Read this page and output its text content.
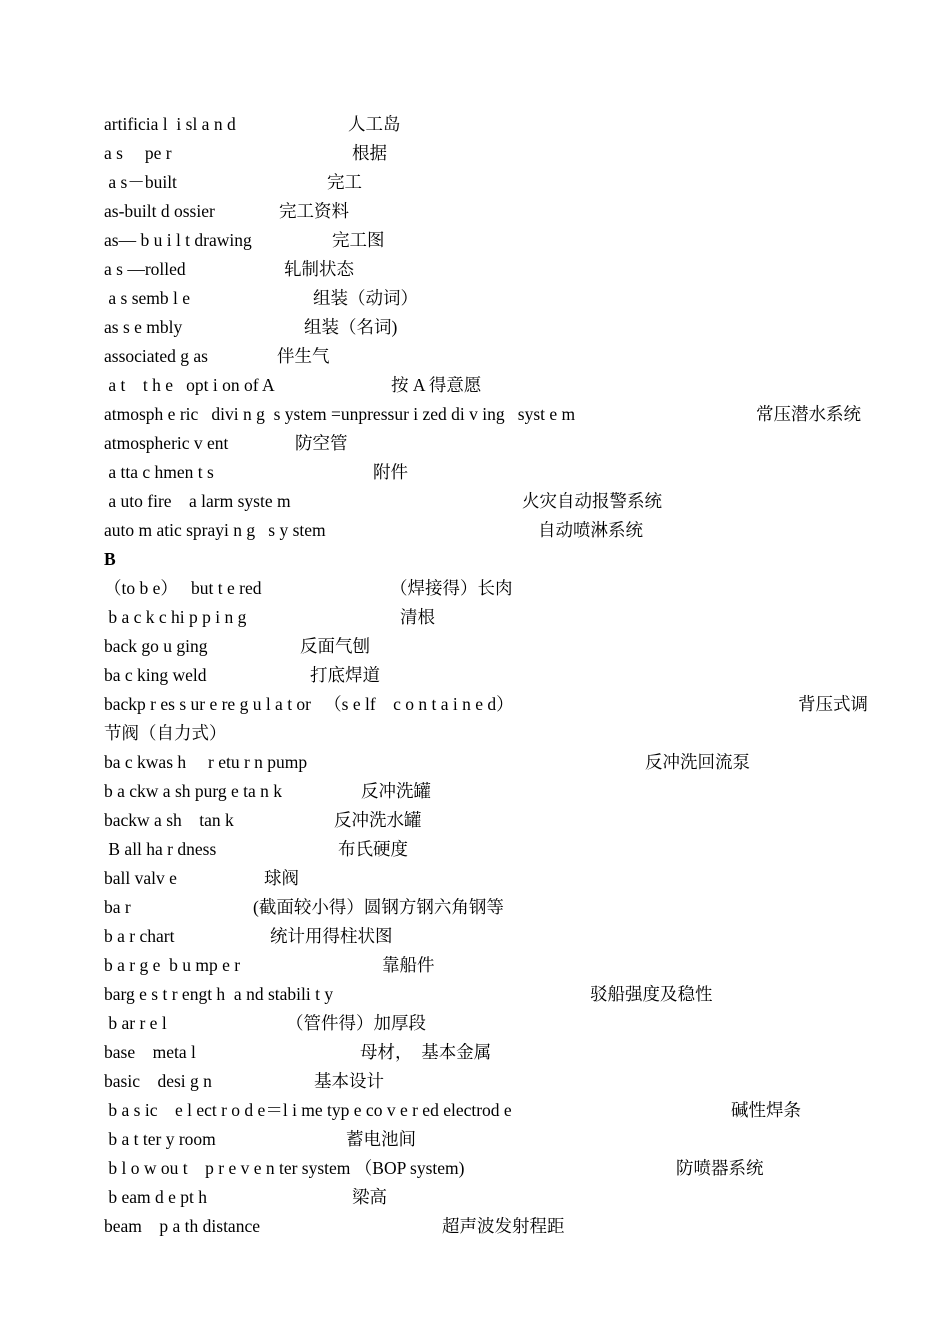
artificia l  i sl a n d	人工岛
a s     pe r	根据
a s－built	完工
as-built d ossier	完工资料
as— b u i l t drawing	完工图
a s —rolled	轧制状态
a s semb l e	组装（动词）
as s e mbly	组装（名词)
associated g as	伴生气
a t    t h e   opt i on of A	按 A 得意愿
atmosph e ric   divi n g  s ystem =unpressur i zed di v ing   syst e m	常压潜水系统
atmospheric v ent	防空管
a tta c hmen t s	附件
a uto fire    a larm syste m	火灾自动报警系统
auto m atic sprayi n g   s y stem	自动喷淋系统
B
（to b e）   but t e red	（焊接得）长肉
b a c k c hi p p i n g	清根
back go u ging	反面气刨
ba c king weld	打底焊道
backp r es s ur e re g u l a t or   （s e lf    c o n t a i n e d）	背压式调
节阀（自力式）
ba c kwas h     r etu r n pump	反冲洗回流泵
b a ckw a sh purg e ta n k	反冲洗罐
backw a sh    tan k	反冲洗水罐
B all ha r dness	布氏硬度
ball valv e	球阀
ba r	(截面较小得）圆钢方钢六角钢等
b a r chart	统计用得柱状图
b a r g e  b u mp e r	靠船件
barg e s t r engt h  a nd stabili t y	驳船强度及稳性
b ar r e l	（管件得）加厚段
base    meta l	母材，  基本金属
basic    desi g n	基本设计
b a s ic    e l ect r o d e＝l i me typ e co v e r ed electrod e	碱性焊条
b a t ter y room	蓄电池间
b l o w ou t    p r e v e n ter system （BOP system)	防喷器系统
b eam d e pt h	梁高
beam    p a th distance	超声波发射程距
